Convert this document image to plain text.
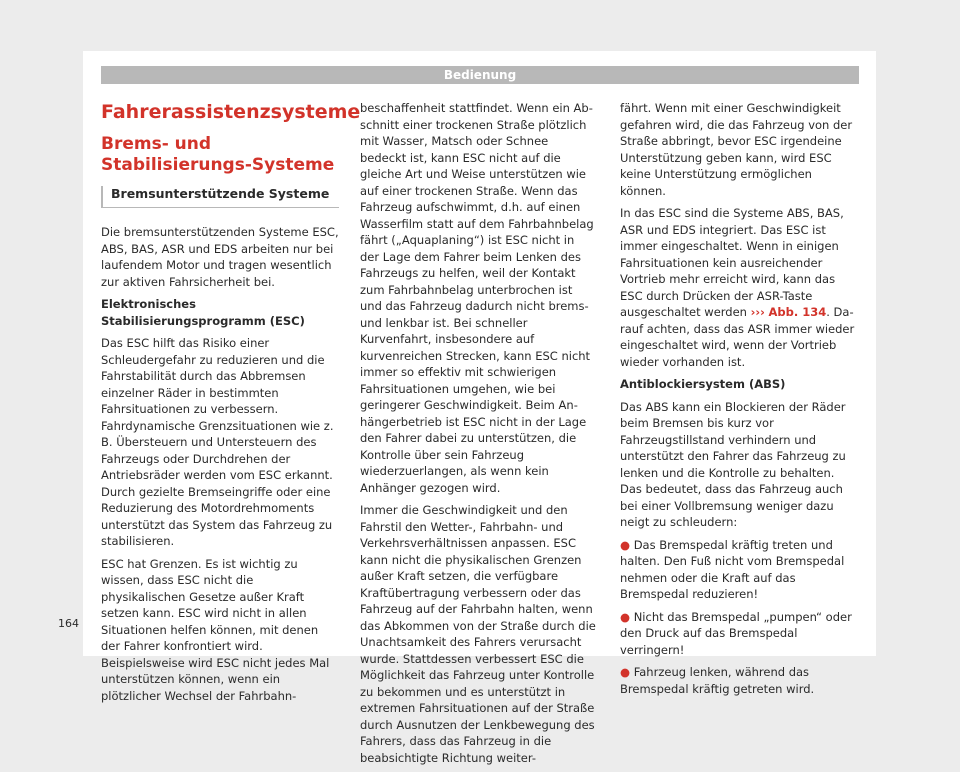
Bedienung
Fahrerassistenzsysteme
Brems- und Stabilisierungs-Systeme
Bremsunterstützende Systeme

Die bremsunterstützenden Systeme ESC, ABS, BAS, ASR und EDS arbeiten nur bei laufendem Motor und tragen wesentlich zur aktiven Fahrsicherheit bei.

Elektronisches Stabilisierungsprogramm (ESC)

Das ESC hilft das Risiko einer Schleudergefahr zu reduzieren und die Fahrstabilität durch das Abbremsen einzelner Räder in bestimmten Fahrsituationen zu verbessern. Fahrdynamische Grenzsituationen wie z. B. Übersteuern und Untersteuern des Fahrzeugs oder Durchdrehen der Antriebsräder werden vom ESC erkannt. Durch gezielte Bremseingriffe oder eine Reduzierung des Motordrehmoments unterstützt das System das Fahrzeug zu stabilisieren.

ESC hat Grenzen. Es ist wichtig zu wissen, dass ESC nicht die physikalischen Gesetze außer Kraft setzen kann. ESC wird nicht in allen Situationen helfen können, mit denen der Fahrer konfrontiert wird. Beispielsweise wird ESC nicht jedes Mal unterstützen können, wenn ein plötzlicher Wechsel der Fahrbahn-

beschaffenheit stattfindet. Wenn ein Abschnitt einer trockenen Straße plötzlich mit Wasser, Matsch oder Schnee bedeckt ist, kann ESC nicht auf die gleiche Art und Weise unterstützen wie auf einer trockenen Straße. Wenn das Fahrzeug aufschwimmt, d.h. auf einen Wasserfilm statt auf dem Fahrbahnbelag fährt („Aquaplaning“) ist ESC nicht in der Lage dem Fahrer beim Lenken des Fahrzeugs zu helfen, weil der Kontakt zum Fahrbahnbelag unterbrochen ist und das Fahrzeug dadurch nicht brems- und lenkbar ist. Bei schneller Kurvenfahrt, insbesondere auf kurvenreichen Strecken, kann ESC nicht immer so effektiv mit schwierigen Fahrsituationen umgehen, wie bei geringerer Geschwindigkeit. Beim Anhängerbetrieb ist ESC nicht in der Lage den Fahrer dabei zu unterstützen, die Kontrolle über sein Fahrzeug wiederzuerlangen, als wenn kein Anhänger gezogen wird.

Immer die Geschwindigkeit und den Fahrstil den Wetter-, Fahrbahn- und Verkehrsverhältnissen anpassen. ESC kann nicht die physikalischen Grenzen außer Kraft setzen, die verfügbare Kraftübertragung verbessern oder das Fahrzeug auf der Fahrbahn halten, wenn das Abkommen von der Straße durch die Unachtsamkeit des Fahrers verursacht wurde. Stattdessen verbessert ESC die Möglichkeit das Fahrzeug unter Kontrolle zu bekommen und es unterstützt in extremen Fahrsituationen auf der Straße durch Ausnutzen der Lenkbewegung des Fahrers, dass das Fahrzeug in die beabsichtigte Richtung weiter-

fährt. Wenn mit einer Geschwindigkeit gefahren wird, die das Fahrzeug von der Straße abbringt, bevor ESC irgendeine Unterstützung geben kann, wird ESC keine Unterstützung ermöglichen können.

In das ESC sind die Systeme ABS, BAS, ASR und EDS integriert. Das ESC ist immer eingeschaltet. Wenn in einigen Fahrsituationen kein ausreichender Vortrieb mehr erreicht wird, kann das ESC durch Drücken der ASR-Taste ausgeschaltet werden ››› Abb. 134. Darauf achten, dass das ASR immer wieder eingeschaltet wird, wenn der Vortrieb wieder vorhanden ist.

Antiblockiersystem (ABS)

Das ABS kann ein Blockieren der Räder beim Bremsen bis kurz vor Fahrzeugstillstand verhindern und unterstützt den Fahrer das Fahrzeug zu lenken und die Kontrolle zu behalten. Das bedeutet, dass das Fahrzeug auch bei einer Vollbremsung weniger dazu neigt zu schleudern:

● Das Bremspedal kräftig treten und halten. Den Fuß nicht vom Bremspedal nehmen oder die Kraft auf das Bremspedal reduzieren!

● Nicht das Bremspedal „pumpen“ oder den Druck auf das Bremspedal verringern!

● Fahrzeug lenken, während das Bremspedal kräftig getreten wird.

164
